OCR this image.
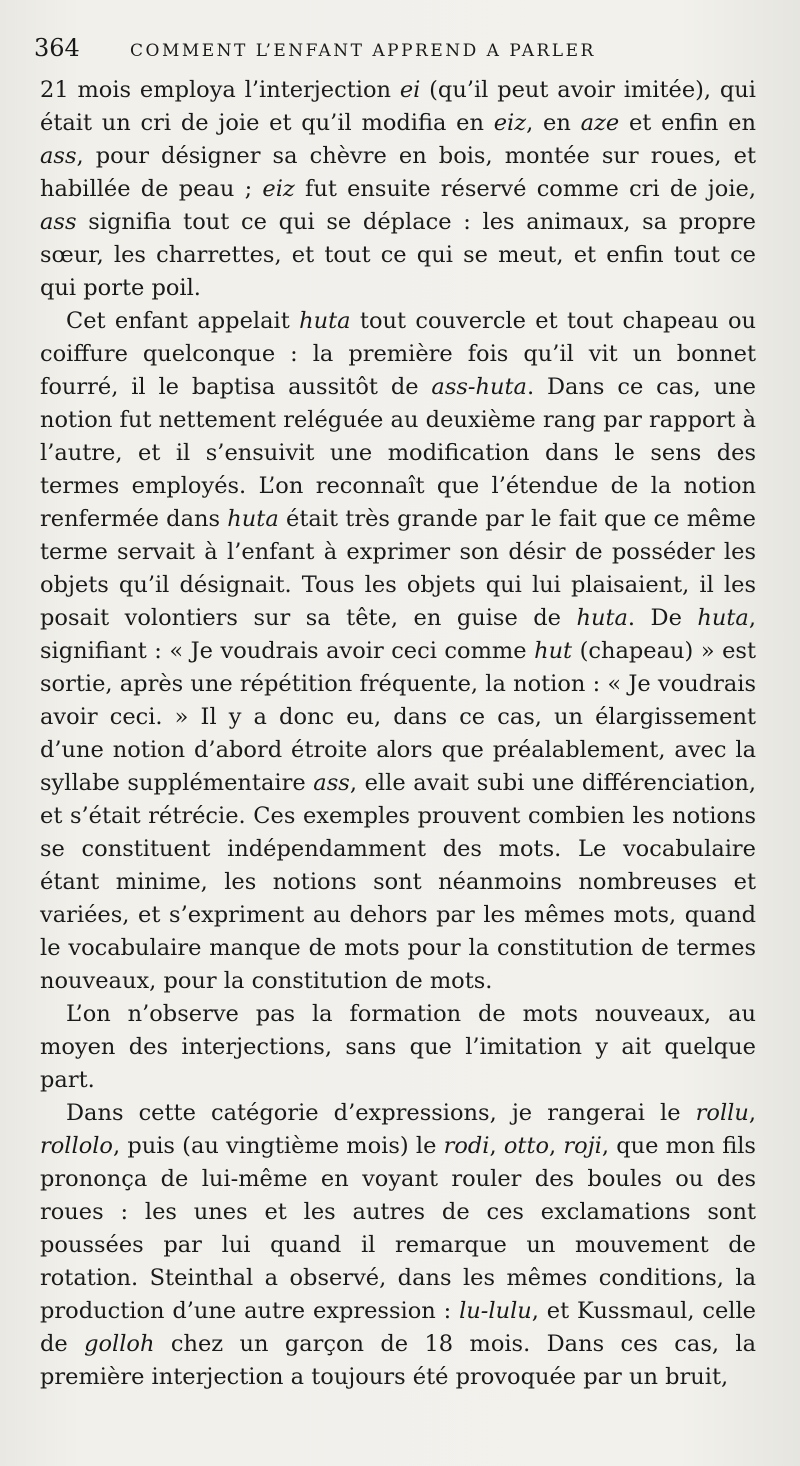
364	COMMENT L’ENFANT APPREND A PARLER

21 mois employa l’interjection ei (qu’il peut avoir imitée), qui était un cri de joie et qu’il modifia en eiz, en aze et enfin en ass, pour désigner sa chèvre en bois, montée sur roues, et habillée de peau ; eiz fut ensuite réservé comme cri de joie, ass signifia tout ce qui se déplace : les animaux, sa propre sœur, les charrettes, et tout ce qui se meut, et enfin tout ce qui porte poil.

Cet enfant appelait huta tout couvercle et tout chapeau ou coiffure quelconque : la première fois qu’il vit un bonnet fourré, il le baptisa aussitôt de ass-huta. Dans ce cas, une notion fut nettement reléguée au deuxième rang par rapport à l’autre, et il s’ensuivit une modification dans le sens des termes employés. L’on reconnaît que l’étendue de la notion renfermée dans huta était très grande par le fait que ce même terme servait à l’enfant à exprimer son désir de posséder les objets qu’il désignait. Tous les objets qui lui plaisaient, il les posait volontiers sur sa tête, en guise de huta. De huta, signifiant : « Je voudrais avoir ceci comme hut (chapeau) » est sortie, après une répétition fréquente, la notion : « Je voudrais avoir ceci. » Il y a donc eu, dans ce cas, un élargissement d’une notion d’abord étroite alors que préalablement, avec la syllabe supplémentaire ass, elle avait subi une différenciation, et s’était rétrécie. Ces exemples prouvent combien les notions se constituent indépendamment des mots. Le vocabulaire étant minime, les notions sont néanmoins nombreuses et variées, et s’expriment au dehors par les mêmes mots, quand le vocabulaire manque de mots pour la constitution de termes nouveaux, pour la constitution de mots.

L’on n’observe pas la formation de mots nouveaux, au moyen des interjections, sans que l’imitation y ait quelque part.

Dans cette catégorie d’expressions, je rangerai le rollu, rollolo, puis (au vingtième mois) le rodi, otto, roji, que mon fils prononça de lui-même en voyant rouler des boules ou des roues : les unes et les autres de ces exclamations sont poussées par lui quand il remarque un mouvement de rotation. Steinthal a observé, dans les mêmes conditions, la production d’une autre expression : lu-lulu, et Kussmaul, celle de golloh chez un garçon de 18 mois. Dans ces cas, la première interjection a toujours été provoquée par un bruit,
